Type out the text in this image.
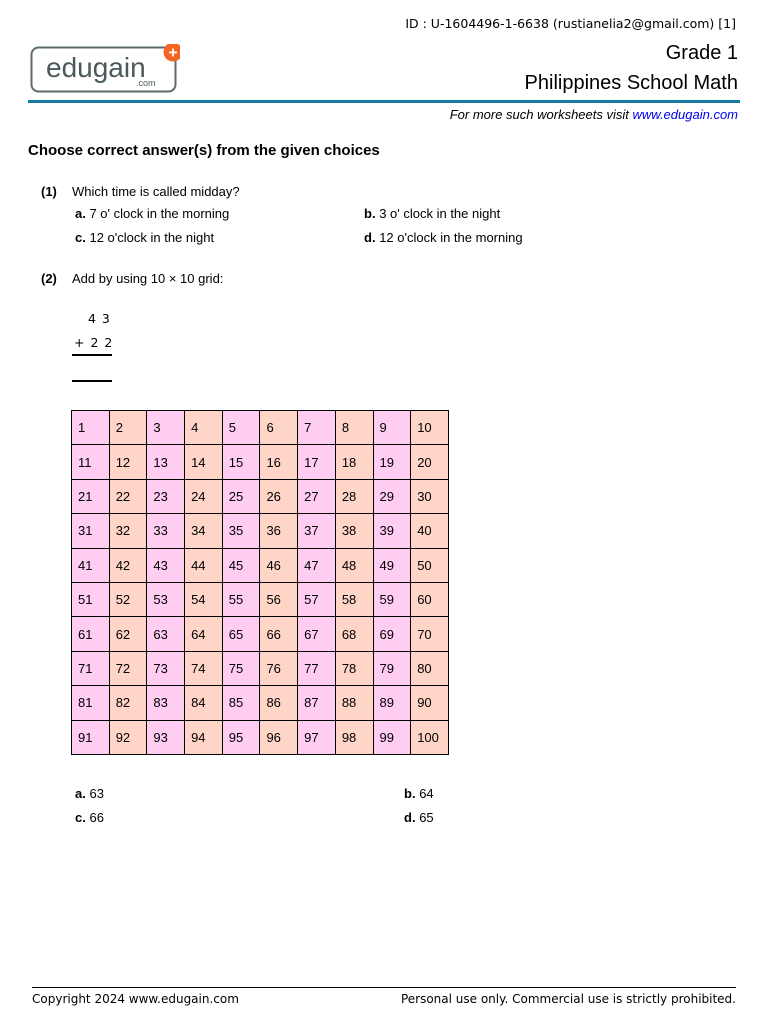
ID : U-1604496-1-6638 (rustianelia2@gmail.com) [1]
edugain
.com
+	Grade 1
Philippines School Math
For more such worksheets visit www.edugain.com
Choose correct answer(s) from the given choices
(1) Which time is called midday?
a. 7 o' clock in the morning	b. 3 o' clock in the night
c. 12 o'clock in the night	d. 12 o'clock in the morning
(2) Add by using 10 × 10 grid:
4 3
+ 2 2
1	2	3	4	5	6	7	8	9	10
11	12	13	14	15	16	17	18	19	20
21	22	23	24	25	26	27	28	29	30
31	32	33	34	35	36	37	38	39	40
41	42	43	44	45	46	47	48	49	50
51	52	53	54	55	56	57	58	59	60
61	62	63	64	65	66	67	68	69	70
71	72	73	74	75	76	77	78	79	80
81	82	83	84	85	86	87	88	89	90
91	92	93	94	95	96	97	98	99	100
a. 63	b. 64
c. 66	d. 65
Copyright 2024 www.edugain.com	Personal use only. Commercial use is strictly prohibited.
